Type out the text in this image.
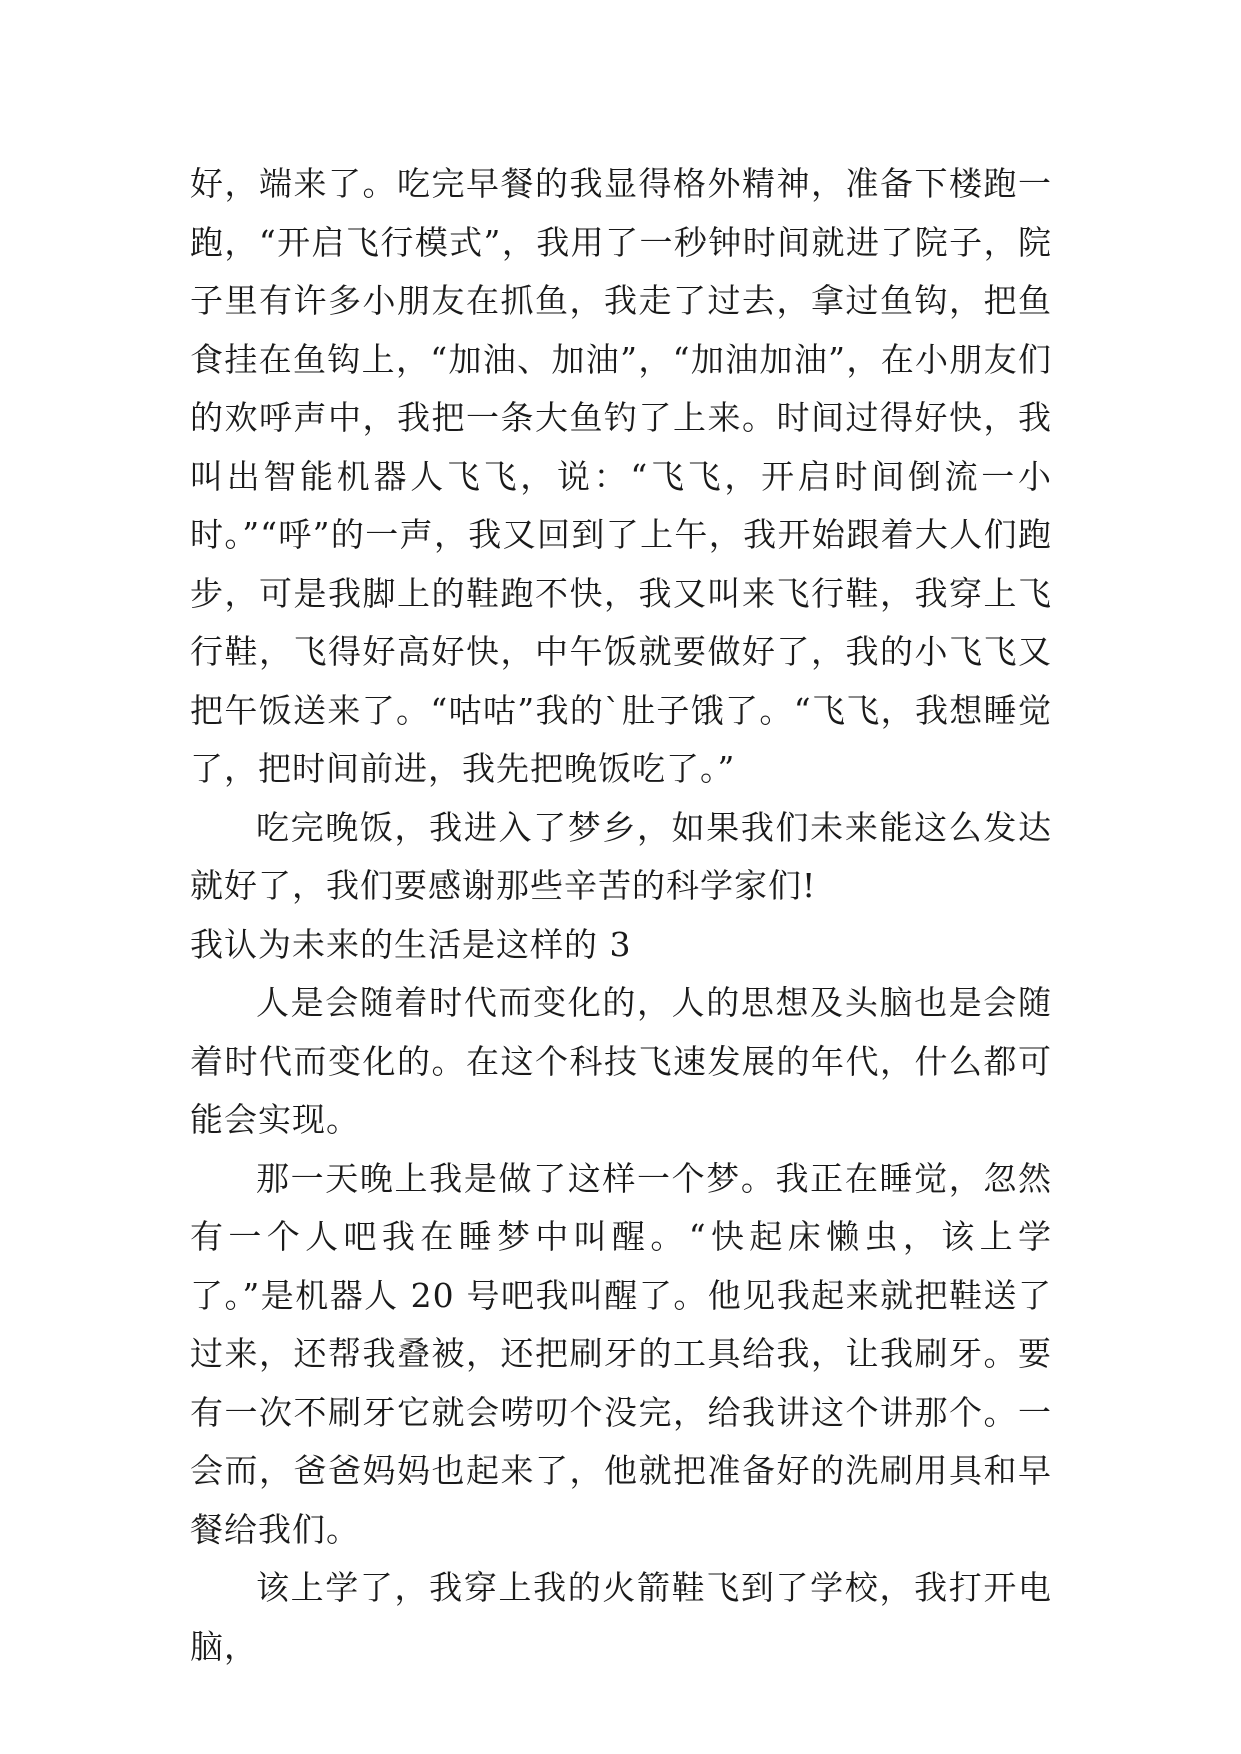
好，端来了。吃完早餐的我显得格外精神，准备下楼跑一跑，“开启飞行模式”，我用了一秒钟时间就进了院子，院子里有许多小朋友在抓鱼，我走了过去，拿过鱼钩，把鱼食挂在鱼钩上，“加油、加油”，“加油加油”，在小朋友们的欢呼声中，我把一条大鱼钓了上来。时间过得好快，我叫出智能机器人飞飞，说：“飞飞，开启时间倒流一小时。”“呼”的一声，我又回到了上午，我开始跟着大人们跑步，可是我脚上的鞋跑不快，我又叫来飞行鞋，我穿上飞行鞋，飞得好高好快，中午饭就要做好了，我的小飞飞又把午饭送来了。“咕咕”我的`肚子饿了。“飞飞，我想睡觉了，把时间前进，我先把晚饭吃了。”

吃完晚饭，我进入了梦乡，如果我们未来能这么发达就好了，我们要感谢那些辛苦的科学家们!

我认为未来的生活是这样的 3

人是会随着时代而变化的，人的思想及头脑也是会随着时代而变化的。在这个科技飞速发展的年代，什么都可能会实现。

那一天晚上我是做了这样一个梦。我正在睡觉，忽然有一个人吧我在睡梦中叫醒。“快起床懒虫，该上学了。”是机器人 20 号吧我叫醒了。他见我起来就把鞋送了过来，还帮我叠被，还把刷牙的工具给我，让我刷牙。要有一次不刷牙它就会唠叨个没完，给我讲这个讲那个。一会而，爸爸妈妈也起来了，他就把准备好的洗刷用具和早餐给我们。

该上学了，我穿上我的火箭鞋飞到了学校，我打开电脑，
